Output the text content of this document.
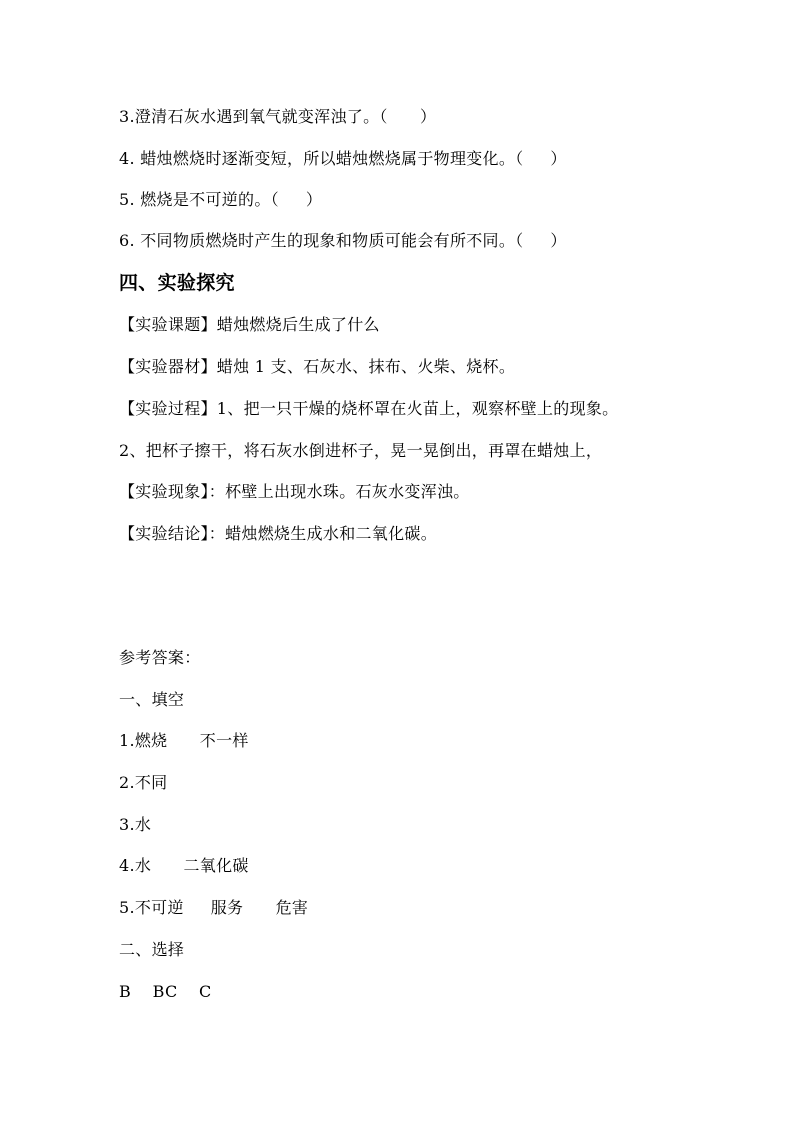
3.澄清石灰水遇到氧气就变浑浊了。（      ）
4. 蜡烛燃烧时逐渐变短，所以蜡烛燃烧属于物理变化。（     ）
5. 燃烧是不可逆的。（     ）
6. 不同物质燃烧时产生的现象和物质可能会有所不同。（     ）
四、实验探究
【实验课题】蜡烛燃烧后生成了什么
【实验器材】蜡烛 1 支、石灰水、抹布、火柴、烧杯。
【实验过程】1、把一只干燥的烧杯罩在火苗上，观察杯壁上的现象。
2、把杯子擦干，将石灰水倒进杯子，晃一晃倒出，再罩在蜡烛上，
【实验现象】：杯壁上出现水珠。石灰水变浑浊。
【实验结论】：蜡烛燃烧生成水和二氧化碳。
参考答案：
一、填空
1.燃烧      不一样
2.不同
3.水
4.水      二氧化碳
5.不可逆     服务      危害
二、选择
B    BC    C
